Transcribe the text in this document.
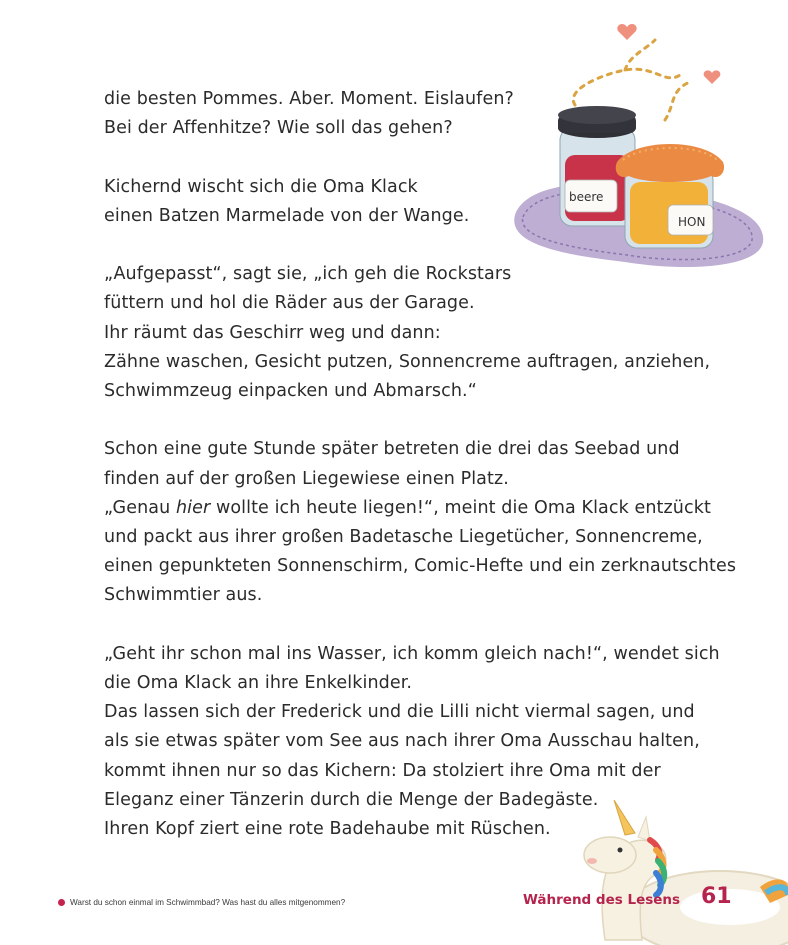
beere
HON

die besten Pommes. Aber. Moment. Eislaufen?
Bei der Affenhitze? Wie soll das gehen?

Kichernd wischt sich die Oma Klack
einen Batzen Marmelade von der Wange.

„Aufgepasst“, sagt sie, „ich geh die Rockstars
füttern und hol die Räder aus der Garage.
Ihr räumt das Geschirr weg und dann:
Zähne waschen, Gesicht putzen, Sonnencreme auftragen, anziehen,
Schwimmzeug einpacken und Abmarsch.“

Schon eine gute Stunde später betreten die drei das Seebad und
finden auf der großen Liegewiese einen Platz.
„Genau hier wollte ich heute liegen!“, meint die Oma Klack entzückt
und packt aus ihrer großen Badetasche Liegetücher, Sonnencreme,
einen gepunkteten Sonnenschirm, Comic-Hefte und ein zerknautschtes
Schwimmtier aus.

„Geht ihr schon mal ins Wasser, ich komm gleich nach!“, wendet sich
die Oma Klack an ihre Enkelkinder.
Das lassen sich der Frederick und die Lilli nicht viermal sagen, und
als sie etwas später vom See aus nach ihrer Oma Ausschau halten,
kommt ihnen nur so das Kichern: Da stolziert ihre Oma mit der
Eleganz einer Tänzerin durch die Menge der Badegäste.
Ihren Kopf ziert eine rote Badehaube mit Rüschen.

Warst du schon einmal im Schwimmbad? Was hast du alles mitgenommen?	Während des Lesens 61
